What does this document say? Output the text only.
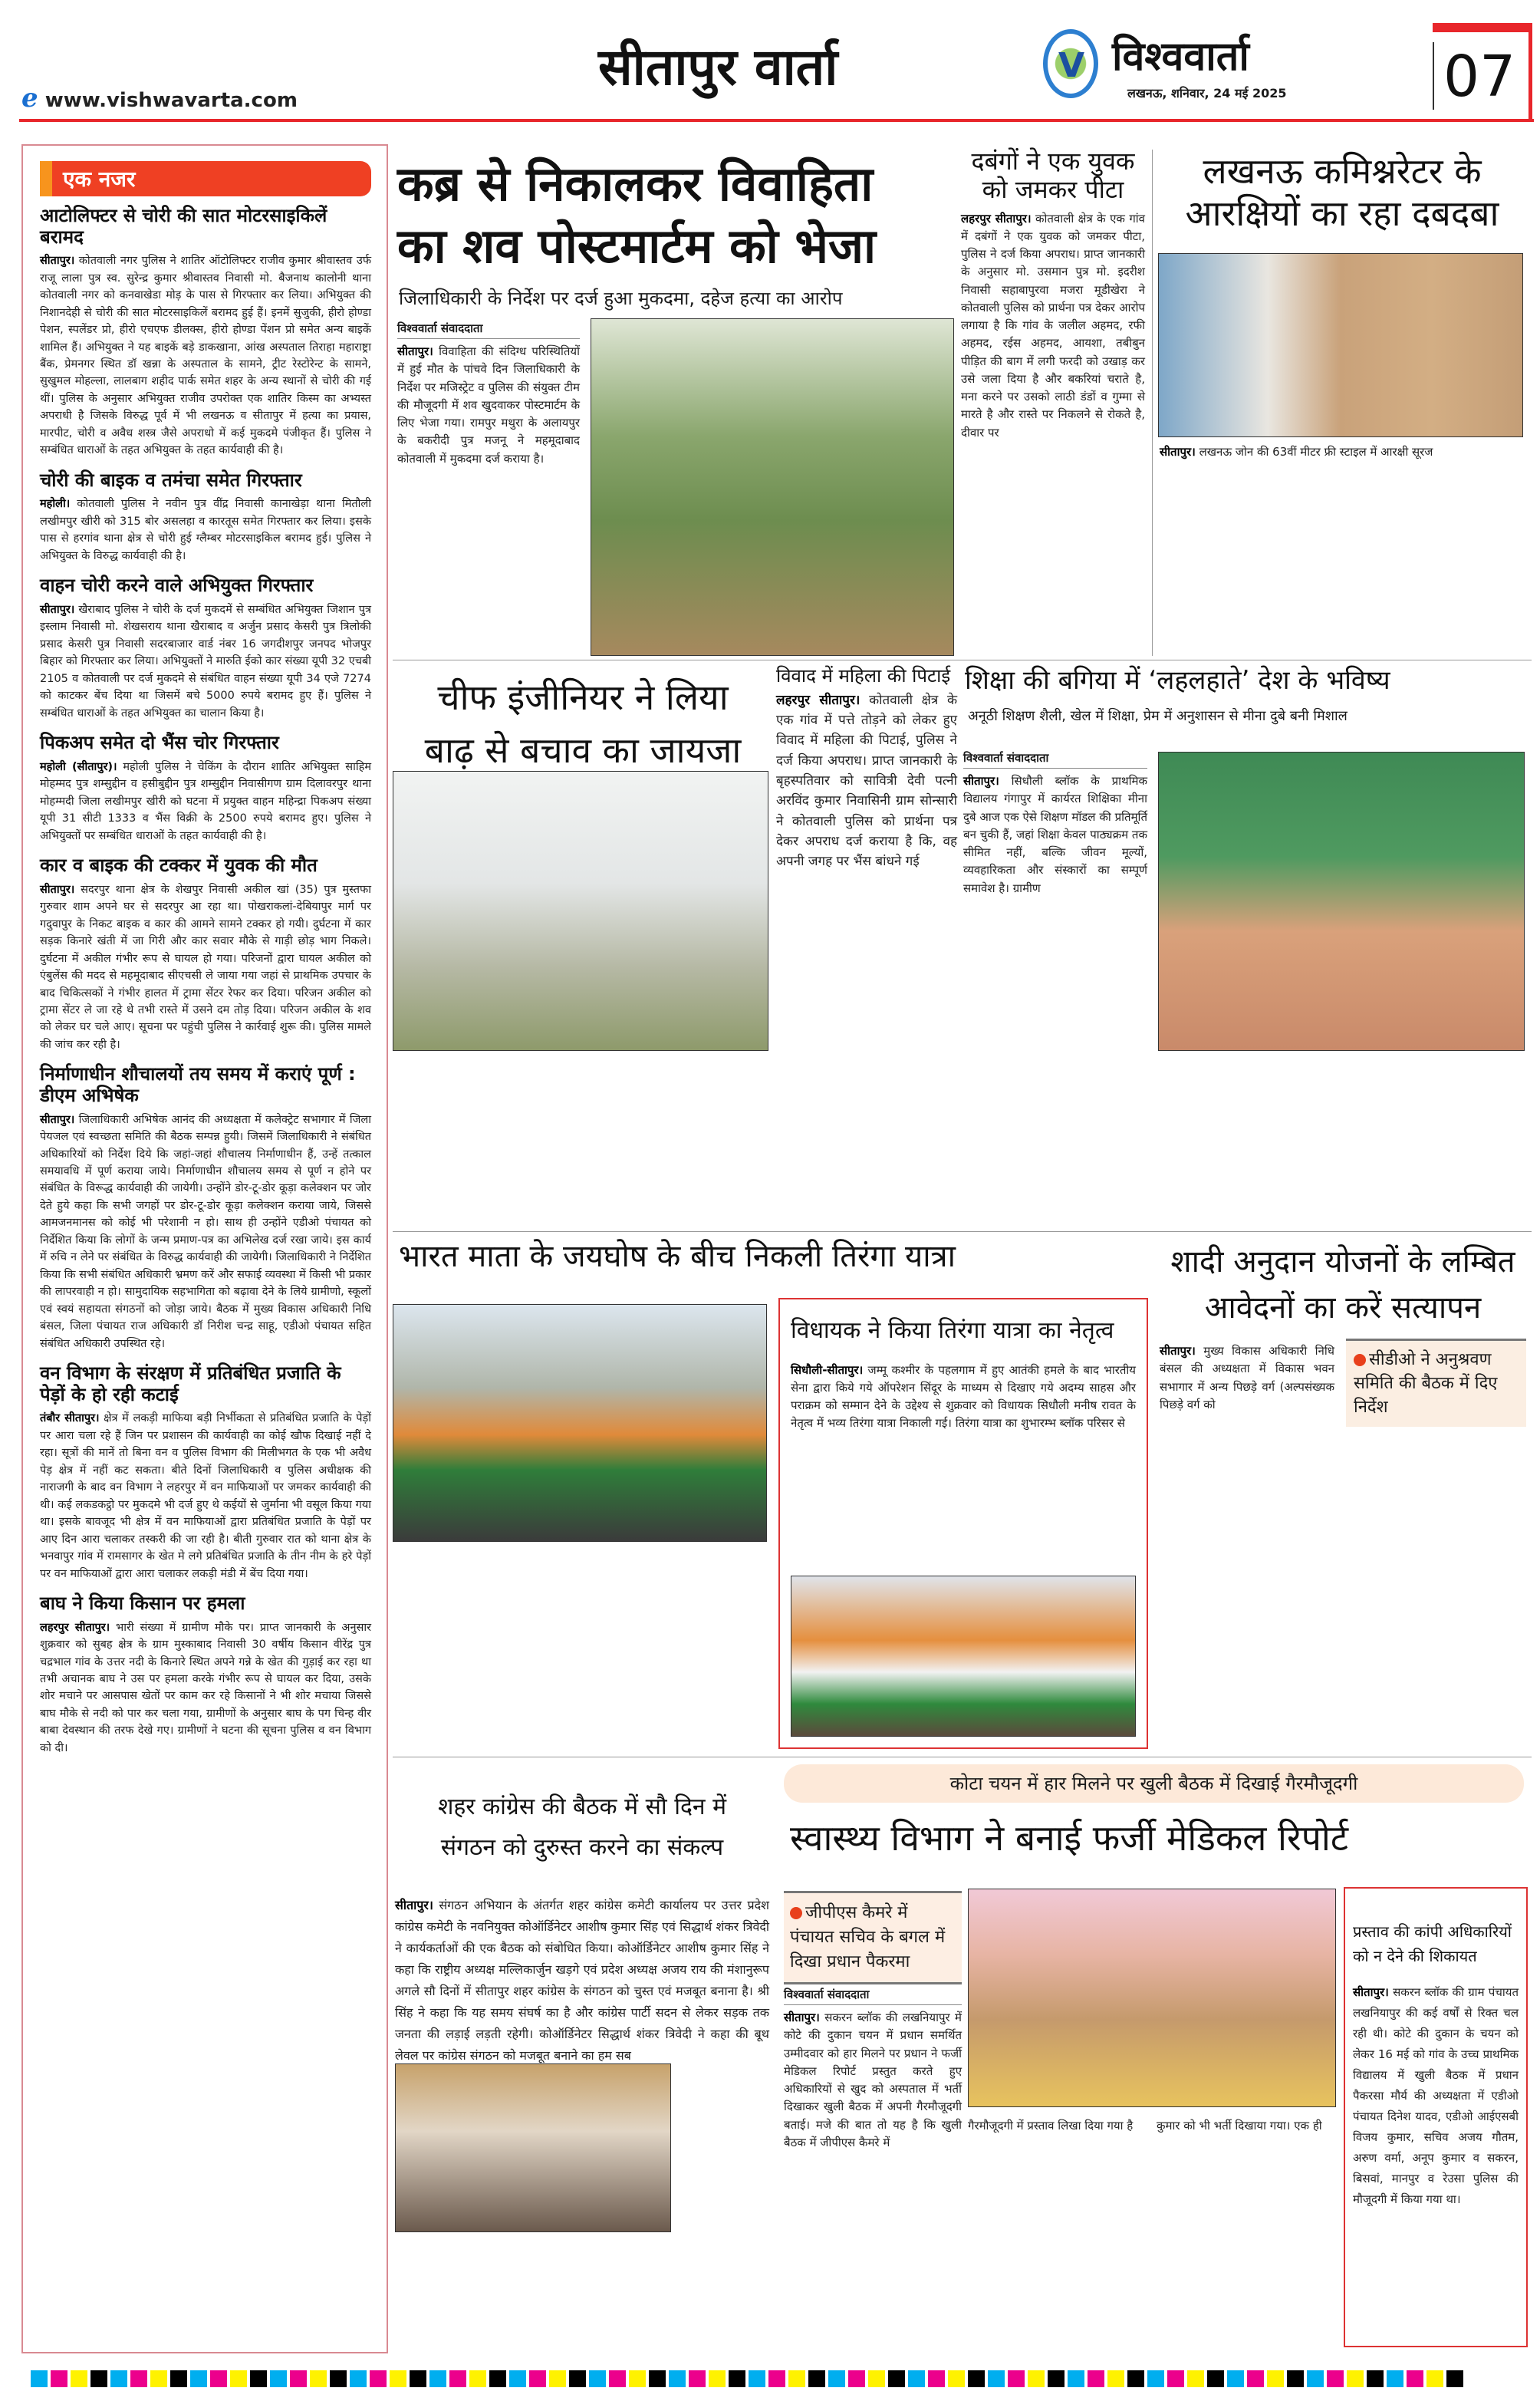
e www.vishwavarta.com
सीतापुर वार्ता	V विश्ववार्ता
लखनऊ, शनिवार, 24 मई 2025	07
एक नजर
आटोलिफ्टर से चोरी की सात मोटरसाइकिलें बरामद

सीतापुर। कोतवाली नगर पुलिस ने शातिर ऑटोलिफ्टर राजीव कुमार श्रीवास्तव उर्फ राजू लाला पुत्र स्व. सुरेन्द्र कुमार श्रीवास्तव निवासी मो. बैजनाथ कालोनी थाना कोतवाली नगर को कनवाखेडा मोड़ के पास से गिरफ्तार कर लिया। अभियुक्त की निशानदेही से चोरी की सात मोटरसाइकिलें बरामद हुई हैं। इनमें सुजुकी, हीरो होण्डा पेशन, स्पलेंडर प्रो, हीरो एचएफ डीलक्स, हीरो होण्डा पेंशन प्रो समेत अन्य बाइकें शामिल हैं। अभियुक्त ने यह बाइकें बड़े डाकखाना, आंख अस्पताल तिराहा महाराष्ट्रा बैंक, प्रेमनगर स्थित डॉ खन्ना के अस्पताल के सामने, ट्रीट रेस्टोरेन्ट के सामने, सुखुमल मोहल्ला, लालबाग शहीद पार्क समेत शहर के अन्य स्थानों से चोरी की गई थीं। पुलिस के अनुसार अभियुक्त राजीव उपरोक्त एक शातिर किस्म का अभ्यस्त अपराधी है जिसके विरुद्ध पूर्व में भी लखनऊ व सीतापुर में हत्या का प्रयास, मारपीट, चोरी व अवैध शस्त्र जैसे अपराधो में कई मुकदमे पंजीकृत हैं। पुलिस ने सम्बंधित धाराओं के तहत अभियुक्त के तहत कार्यवाही की है।

चोरी की बाइक व तमंचा समेत गिरफ्तार

महोली। कोतवाली पुलिस ने नवीन पुत्र वींद्र निवासी कानाखेड़ा थाना मितौली लखीमपुर खीरी को 315 बोर असलहा व कारतूस समेत गिरफ्तार कर लिया। इसके पास से हरगांव थाना क्षेत्र से चोरी हुई ग्लैम्बर मोटरसाइकिल बरामद हुई। पुलिस ने अभियुक्त के विरुद्ध कार्यवाही की है।

वाहन चोरी करने वाले अभियुक्त गिरफ्तार

सीतापुर। खैराबाद पुलिस ने चोरी के दर्ज मुकदमें से सम्बंधित अभियुक्त जिशान पुत्र इस्लाम निवासी मो. शेखसराय थाना खैराबाद व अर्जुन प्रसाद केसरी पुत्र त्रिलोकी प्रसाद केसरी पुत्र निवासी सदरबाजार वार्ड नंबर 16 जगदीशपुर जनपद भोजपुर बिहार को गिरफ्तार कर लिया। अभियुक्तों ने मारुति ईको कार संख्या यूपी 32 एचबी 2105 व कोतवाली पर दर्ज मुकदमे से संबंधित वाहन संख्या यूपी 34 एजे 7274 को काटकर बेंच दिया था जिसमें बचे 5000 रुपये बरामद हुए हैं। पुलिस ने सम्बंधित धाराओं के तहत अभियुक्त का चालान किया है।

पिकअप समेत दो भैंस चोर गिरफ्तार

महोली (सीतापुर)। महोली पुलिस ने चेकिंग के दौरान शातिर अभियुक्त साहिम मोहम्मद पुत्र शम्सुद्दीन व हसीबुद्दीन पुत्र शम्सुद्दीन निवासीगण ग्राम दिलावरपुर थाना मोहम्मदी जिला लखीमपुर खीरी को घटना में प्रयुक्त वाहन महिन्द्रा पिकअप संख्या यूपी 31 सीटी 1333 व भैंस विक्री के 2500 रुपये बरामद हुए। पुलिस ने अभियुक्तों पर सम्बंधित धाराओं के तहत कार्यवाही की है।

कार व बाइक की टक्कर में युवक की मौत

सीतापुर। सदरपुर थाना क्षेत्र के शेखपुर निवासी अकील खां (35) पुत्र मुस्तफा गुरुवार शाम अपने घर से सदरपुर आ रहा था। पोखराकलां-देबियापुर मार्ग पर गदुवापुर के निकट बाइक व कार की आमने सामने टक्कर हो गयी। दुर्घटना में कार सड़क किनारे खंती में जा गिरी और कार सवार मौके से गाड़ी छोड़ भाग निकले। दुर्घटना में अकील गंभीर रूप से घायल हो गया। परिजनों द्वारा घायल अकील को एंबुलेंस की मदद से महमूदाबाद सीएचसी ले जाया गया जहां से प्राथमिक उपचार के बाद चिकित्सकों ने गंभीर हालत में ट्रामा सेंटर रेफर कर दिया। परिजन अकील को ट्रामा सेंटर ले जा रहे थे तभी रास्ते में उसने दम तोड़ दिया। परिजन अकील के शव को लेकर घर चले आए। सूचना पर पहुंची पुलिस ने कार्रवाई शुरू की। पुलिस मामले की जांच कर रही है।

निर्माणाधीन शौचालयों तय समय में कराएं पूर्ण : डीएम अभिषेक

सीतापुर। जिलाधिकारी अभिषेक आनंद की अध्यक्षता में कलेक्ट्रेट सभागार में जिला पेयजल एवं स्वच्छता समिति की बैठक सम्पन्न हुयी। जिसमें जिलाधिकारी ने संबंधित अधिकारियों को निर्देश दिये कि जहां-जहां शौचालय निर्माणाधीन हैं, उन्हें तत्काल समयावधि में पूर्ण कराया जाये। निर्माणाधीन शौचालय समय से पूर्ण न होने पर संबंधित के विरूद्ध कार्यवाही की जायेगी। उन्होंने डोर-टू-डोर कूड़ा कलेक्शन पर जोर देते हुये कहा कि सभी जगहों पर डोर-टू-डोर कूड़ा कलेक्शन कराया जाये, जिससे आमजनमानस को कोई भी परेशानी न हो। साथ ही उन्होंने एडीओ पंचायत को निर्देशित किया कि लोगों के जन्म प्रमाण-पत्र का अभिलेख दर्ज रखा जाये। इस कार्य में रुचि न लेने पर संबंधित के विरुद्ध कार्यवाही की जायेगी। जिलाधिकारी ने निर्देशित किया कि सभी संबंधित अधिकारी भ्रमण करें और सफाई व्यवस्था में किसी भी प्रकार की लापरवाही न हो। सामुदायिक सहभागिता को बढ़ावा देने के लिये ग्रामीणो, स्कूलों एवं स्वयं सहायता संगठनों को जोड़ा जाये। बैठक में मुख्य विकास अधिकारी निधि बंसल, जिला पंचायत राज अधिकारी डॉ निरीश चन्द्र साहू, एडीओ पंचायत सहित संबंधित अधिकारी उपस्थित रहे।

वन विभाग के संरक्षण में प्रतिबंधित प्रजाति के पेड़ों के हो रही कटाई

तंबौर सीतापुर। क्षेत्र में लकड़ी माफिया बड़ी निर्भीकता से प्रतिबंधित प्रजाति के पेड़ों पर आरा चला रहे हैं जिन पर प्रशासन की कार्यवाही का कोई खौफ दिखाई नहीं दे रहा। सूत्रों की मानें तो बिना वन व पुलिस विभाग की मिलीभगत के एक भी अवैध पेड़ क्षेत्र में नहीं कट सकता। बीते दिनों जिलाधिकारी व पुलिस अधीक्षक की नाराजगी के बाद वन विभाग ने लहरपुर में वन माफियाओं पर जमकर कार्यवाही की थी। कई लकडकट्ठो पर मुकदमे भी दर्ज हुए थे कईयों से जुर्माना भी वसूल किया गया था। इसके बावजूद भी क्षेत्र में वन माफियाओं द्वारा प्रतिबंधित प्रजाति के पेड़ों पर आए दिन आरा चलाकर तस्करी की जा रही है। बीती गुरुवार रात को थाना क्षेत्र के भनवापुर गांव में रामसागर के खेत मे लगे प्रतिबंधित प्रजाति के तीन नीम के हरे पेड़ों पर वन माफियाओं द्वारा आरा चलाकर लकड़ी मंडी में बेंच दिया गया।

बाघ ने किया किसान पर हमला

लहरपुर सीतापुर। भारी संख्या में ग्रामीण मौके पर। प्राप्त जानकारी के अनुसार शुक्रवार को सुबह क्षेत्र के ग्राम मुस्काबाद निवासी 30 वर्षीय किसान वीरेंद्र पुत्र चद्रभाल गांव के उत्तर नदी के किनारे स्थित अपने गन्ने के खेत की गुड़ाई कर रहा था तभी अचानक बाघ ने उस पर हमला करके गंभीर रूप से घायल कर दिया, उसके शोर मचाने पर आसपास खेतों पर काम कर रहे किसानों ने भी शोर मचाया जिससे बाघ मौके से नदी को पार कर चला गया, ग्रामीणों के अनुसार बाघ के पग चिन्ह वीर बाबा देवस्थान की तरफ देखे गए। ग्रामीणों ने घटना की सूचना पुलिस व वन विभाग को दी।

कब्र से निकालकर विवाहिता
का शव पोस्टमार्टम को भेजा
जिलाधिकारी के निर्देश पर दर्ज हुआ मुकदमा, दहेज हत्या का आरोप
विश्ववार्ता संवाददाता

सीतापुर। विवाहिता की संदिग्ध परिस्थितियों में हुई मौत के पांचवे दिन जिलाधिकारी के निर्देश पर मजिस्ट्रेट व पुलिस की संयुक्त टीम की मौजूदगी में शव खुदवाकर पोस्टमार्टम के लिए भेजा गया। रामपुर मथुरा के अलायपुर के बकरीदी पुत्र मजनू ने महमूदाबाद कोतवाली में मुकदमा दर्ज कराया है।

दबंगों ने एक युवक को जमकर पीटा

लहरपुर सीतापुर। कोतवाली क्षेत्र के एक गांव में दबंगों ने एक युवक को जमकर पीटा, पुलिस ने दर्ज किया अपराध। प्राप्त जानकारी के अनुसार मो. उसमान पुत्र मो. इदरीश निवासी सहाबापुरवा मजरा मूडीखेरा ने कोतवाली पुलिस को प्रार्थना पत्र देकर आरोप लगाया है कि गांव के जलील अहमद, रफी अहमद, रईस अहमद, आयशा, तबीबुन पीड़ित की बाग में लगी फरदी को उखाड़ कर उसे जला दिया है और बकरियां चराते है, मना करने पर उसको लाठी डंडों व गुम्मा से मारते है और रास्ते पर निकलने से रोकते है, दीवार पर

लखनऊ कमिश्नरेटर के आरक्षियों का रहा दबदबा
सीतापुर। लखनऊ जोन की 63वीं मीटर फ्री स्टाइल में आरक्षी सूरज
चीफ इंजीनियर ने लिया
बाढ़ से बचाव का जायजा
विवाद में महिला की पिटाई

लहरपुर सीतापुर। कोतवाली क्षेत्र के एक गांव में पत्ते तोड़ने को लेकर हुए विवाद में महिला की पिटाई, पुलिस ने दर्ज किया अपराध। प्राप्त जानकारी के बृहस्पतिवार को सावित्री देवी पत्नी अरविंद कुमार निवासिनी ग्राम सोन्सारी ने कोतवाली पुलिस को प्रार्थना पत्र देकर अपराध दर्ज कराया है कि, वह अपनी जगह पर भैंस बांधने गई

शिक्षा की बगिया में ‘लहलहाते’ देश के भविष्य
अनूठी शिक्षण शैली, खेल में शिक्षा, प्रेम में अनुशासन से मीना दुबे बनी मिशाल
विश्ववार्ता संवाददाता

सीतापुर। सिधौली ब्लॉक के प्राथमिक विद्यालय गंगापुर में कार्यरत शिक्षिका मीना दुबे आज एक ऐसे शिक्षण मॉडल की प्रतिमूर्ति बन चुकी हैं, जहां शिक्षा केवल पाठ्यक्रम तक सीमित नहीं, बल्कि जीवन मूल्यों, व्यवहारिकता और संस्कारों का सम्पूर्ण समावेश है। ग्रामीण

भारत माता के जयघोष के बीच निकली तिरंगा यात्रा
विधायक ने किया तिरंगा यात्रा का नेतृत्व

सिधौली-सीतापुर। जम्मू कश्मीर के पहलगाम में हुए आतंकी हमले के बाद भारतीय सेना द्वारा किये गये ऑपरेशन सिंदूर के माध्यम से दिखाए गये अदम्य साहस और पराक्रम को सम्मान देने के उद्देश्य से शुक्रवार को विधायक सिधौली मनीष रावत के नेतृत्व में भव्य तिरंगा यात्रा निकाली गई। तिरंगा यात्रा का शुभारम्भ ब्लॉक परिसर से

शादी अनुदान योजनों के लम्बित आवेदनों का करें सत्यापन
सीतापुर। मुख्य विकास अधिकारी निधि बंसल की अध्यक्षता में विकास भवन सभागार में अन्य पिछड़े वर्ग (अल्पसंख्यक पिछड़े वर्ग को
सीडीओ ने अनुश्रवण समिति की बैठक में दिए निर्देश
शहर कांग्रेस की बैठक में सौ दिन में
संगठन को दुरुस्त करने का संकल्प
सीतापुर। संगठन अभियान के अंतर्गत शहर कांग्रेस कमेटी कार्यालय पर उत्तर प्रदेश कांग्रेस कमेटी के नवनियुक्त कोऑर्डिनेटर आशीष कुमार सिंह एवं सिद्धार्थ शंकर त्रिवेदी ने कार्यकर्ताओं की एक बैठक को संबोधित किया। कोऑर्डिनेटर आशीष कुमार सिंह ने कहा कि राष्ट्रीय अध्यक्ष मल्लिकार्जुन खड़गे एवं प्रदेश अध्यक्ष अजय राय की मंशानुरूप अगले सौ दिनों में सीतापुर शहर कांग्रेस के संगठन को चुस्त एवं मजबूत बनाना है। श्री सिंह ने कहा कि यह समय संघर्ष का है और कांग्रेस पार्टी सदन से लेकर सड़क तक जनता की लड़ाई लड़ती रहेगी। कोऑर्डिनेटर सिद्धार्थ शंकर त्रिवेदी ने कहा की बूथ लेवल पर कांग्रेस संगठन को मजबूत बनाने का हम सब
कोटा चयन में हार मिलने पर खुली बैठक में दिखाई गैरमौजूदगी
स्वास्थ्य विभाग ने बनाई फर्जी मेडिकल रिपोर्ट
जीपीएस कैमरे में पंचायत सचिव के बगल में दिखा प्रधान पैकरमा
विश्ववार्ता संवाददाता

सीतापुर। सकरन ब्लॉक की लखनियापुर में कोटे की दुकान चयन में प्रधान समर्थित उम्मीदवार को हार मिलने पर प्रधान ने फर्जी मेडिकल रिपोर्ट प्रस्तुत करते हुए अधिकारियों से खुद को अस्पताल में भर्ती दिखाकर खुली बैठक में अपनी गैरमौजूदगी बताई। मजे की बात तो यह है कि खुली बैठक में जीपीएस कैमरे में

गैरमौजूदगी में प्रस्ताव लिखा दिया गया है	कुमार को भी भर्ती दिखाया गया। एक ही
प्रस्ताव की कांपी अधिकारियों को न देने की शिकायत

सीतापुर। सकरन ब्लॉक की ग्राम पंचायत लखनियापुर की कई वर्षों से रिक्त चल रही थी। कोटे की दुकान के चयन को लेकर 16 मई को गांव के उच्च प्राथमिक विद्यालय में खुली बैठक में प्रधान पैकरसा मौर्य की अध्यक्षता में एडीओ पंचायत दिनेश यादव, एडीओ आईएसबी विजय कुमार, सचिव अजय गौतम, अरुण वर्मा, अनूप कुमार व सकरन, बिसवां, मानपुर व रेउसा पुलिस की मौजूदगी में किया गया था।
